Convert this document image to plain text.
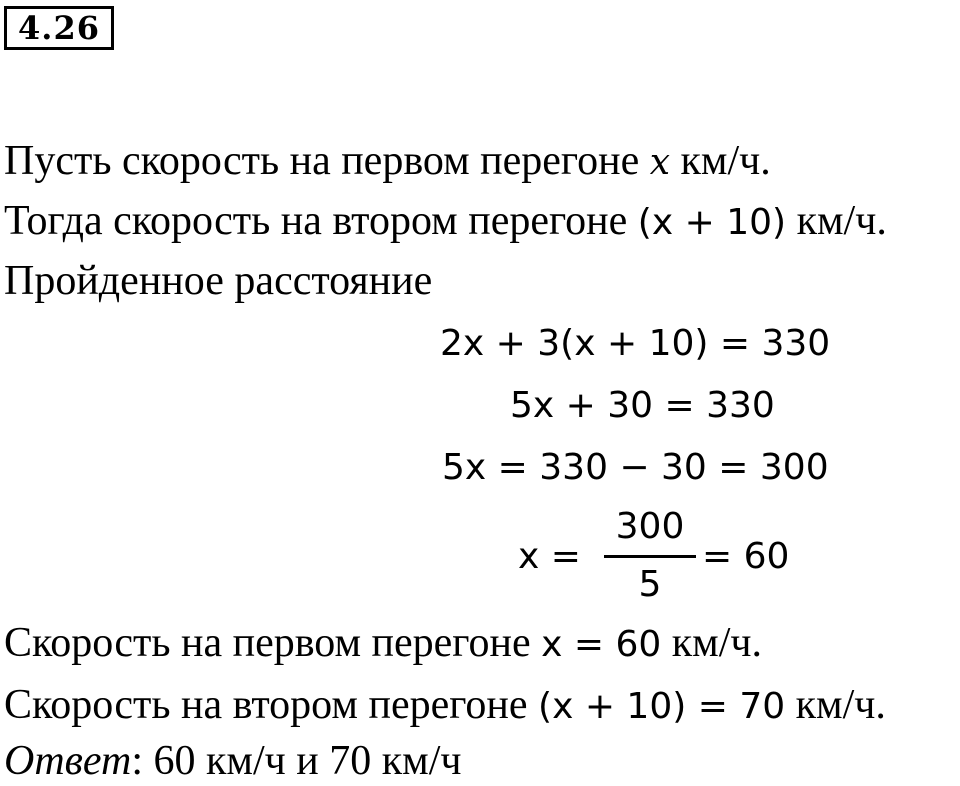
4.26
Пусть скорость на первом перегоне x км/ч.
Тогда скорость на втором перегоне (x + 10) км/ч.
Пройденное расстояние
2x + 3(x + 10) = 330
5x + 30 = 330
5x = 330 − 30 = 300
x =
300
5
= 60
Скорость на первом перегоне x = 60 км/ч.
Скорость на втором перегоне (x + 10) = 70 км/ч.
Ответ: 60 км/ч и 70 км/ч
